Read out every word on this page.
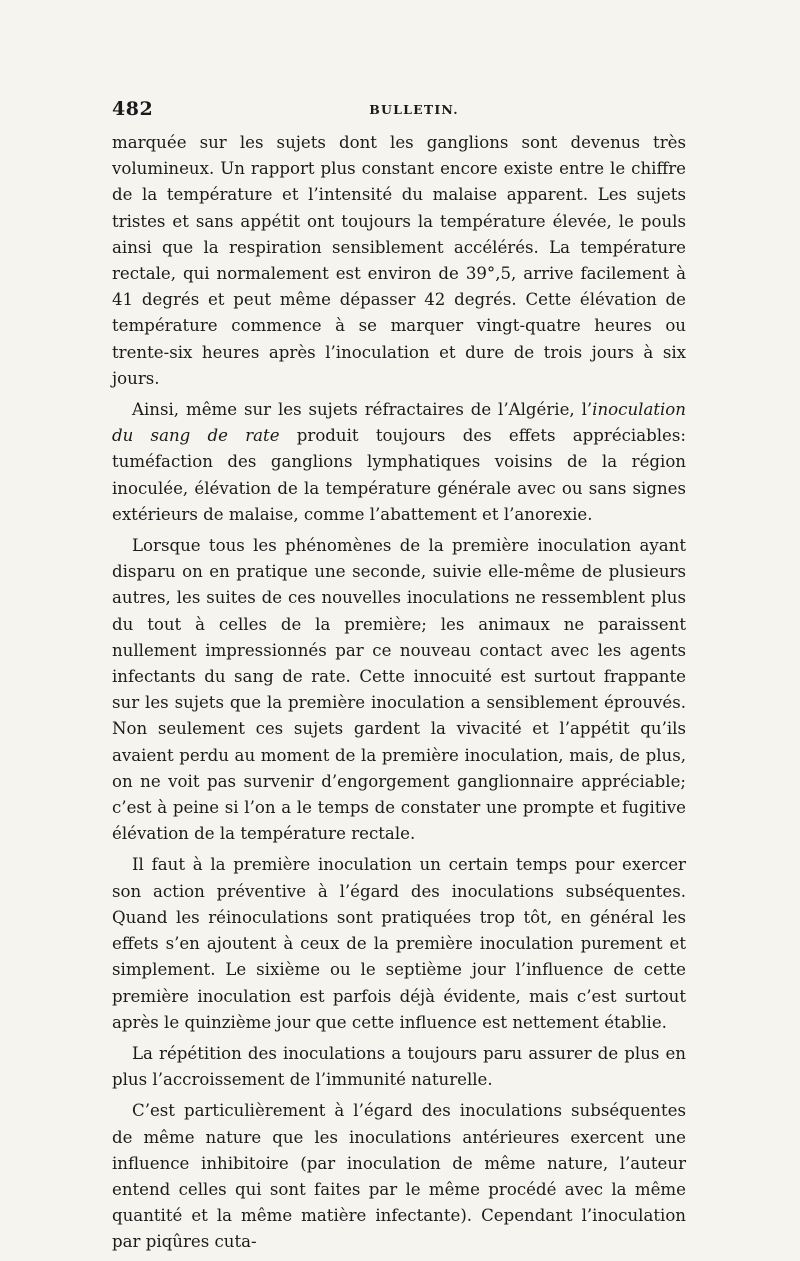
482	BULLETIN.

marquée sur les sujets dont les ganglions sont devenus très volumineux. Un rapport plus constant encore existe entre le chiffre de la température et l’intensité du malaise apparent. Les sujets tristes et sans appétit ont toujours la température élevée, le pouls ainsi que la respiration sensiblement accélérés. La température rectale, qui normalement est environ de 39°,5, arrive facilement à 41 degrés et peut même dépasser 42 degrés. Cette élévation de température commence à se marquer vingt-quatre heures ou trente-six heures après l’inoculation et dure de trois jours à six jours.

Ainsi, même sur les sujets réfractaires de l’Algérie, l’inoculation du sang de rate produit toujours des effets appréciables: tuméfaction des ganglions lymphatiques voisins de la région inoculée, élévation de la température générale avec ou sans signes extérieurs de malaise, comme l’abattement et l’anorexie.

Lorsque tous les phénomènes de la première inoculation ayant disparu on en pratique une seconde, suivie elle-même de plusieurs autres, les suites de ces nouvelles inoculations ne ressemblent plus du tout à celles de la première; les animaux ne paraissent nullement impressionnés par ce nouveau contact avec les agents infectants du sang de rate. Cette innocuité est surtout frappante sur les sujets que la première inoculation a sensiblement éprouvés. Non seulement ces sujets gardent la vivacité et l’appétit qu’ils avaient perdu au moment de la première inoculation, mais, de plus, on ne voit pas survenir d’engorgement ganglionnaire appréciable; c’est à peine si l’on a le temps de constater une prompte et fugitive élévation de la température rectale.

Il faut à la première inoculation un certain temps pour exercer son action préventive à l’égard des inoculations subséquentes. Quand les réinoculations sont pratiquées trop tôt, en général les effets s’en ajoutent à ceux de la première inoculation purement et simplement. Le sixième ou le septième jour l’influence de cette première inoculation est parfois déjà évidente, mais c’est surtout après le quinzième jour que cette influence est nettement établie.

La répétition des inoculations a toujours paru assurer de plus en plus l’accroissement de l’immunité naturelle.

C’est particulièrement à l’égard des inoculations subséquentes de même nature que les inoculations antérieures exercent une influence inhibitoire (par inoculation de même nature, l’auteur entend celles qui sont faites par le même procédé avec la même quantité et la même matière infectante). Cependant l’inoculation par piqûres cuta-
